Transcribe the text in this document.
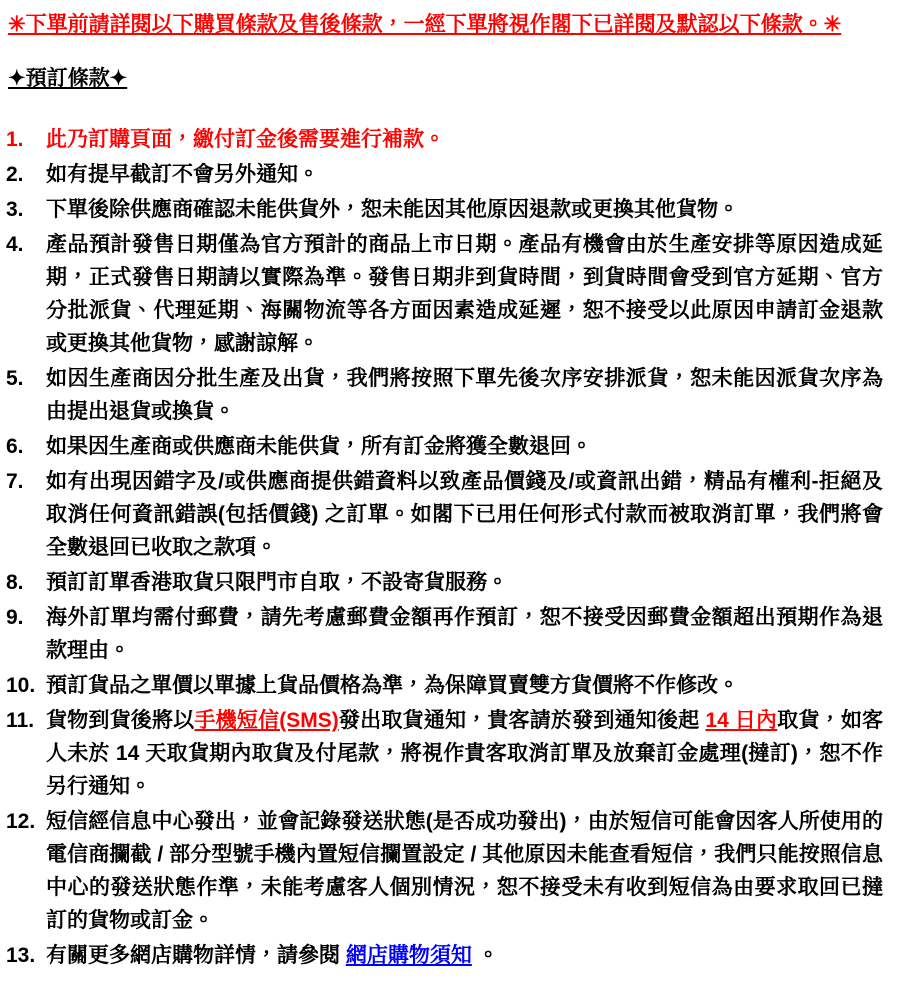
✳下單前請詳閱以下購買條款及售後條款，一經下單將視作閣下已詳閱及默認以下條款。✳

✦預訂條款✦

1.	此乃訂購頁面，繳付訂金後需要進行補款。
2.	如有提早截訂不會另外通知。
3.	下單後除供應商確認未能供貨外，恕未能因其他原因退款或更換其他貨物。
4.	產品預計發售日期僅為官方預計的商品上市日期。產品有機會由於生產安排等原因造成延期，正式發售日期請以實際為準。發售日期非到貨時間，到貨時間會受到官方延期、官方分批派貨、代理延期、海關物流等各方面因素造成延遲，恕不接受以此原因申請訂金退款或更換其他貨物，感謝諒解。
5.	如因生產商因分批生產及出貨，我們將按照下單先後次序安排派貨，恕未能因派貨次序為由提出退貨或換貨。
6.	如果因生產商或供應商未能供貨，所有訂金將獲全數退回。
7.	如有出現因錯字及/或供應商提供錯資料以致產品價錢及/或資訊出錯，精品有權利-拒絕及取消任何資訊錯誤(包括價錢) 之訂單。如閣下已用任何形式付款而被取消訂單，我們將會全數退回已收取之款項。
8.	預訂訂單香港取貨只限門市自取，不設寄貨服務。
9.	海外訂單均需付郵費，請先考慮郵費金額再作預訂，恕不接受因郵費金額超出預期作為退款理由。
10. 預訂貨品之單價以單據上貨品價格為準，為保障買賣雙方貨價將不作修改。
11. 貨物到貨後將以手機短信(SMS)發出取貨通知，貴客請於發到通知後起 14 日內取貨，如客人未於 14 天取貨期內取貨及付尾款，將視作貴客取消訂單及放棄訂金處理(撻訂)，恕不作另行通知。
12. 短信經信息中心發出，並會記錄發送狀態(是否成功發出)，由於短信可能會因客人所使用的電信商攔截 / 部分型號手機內置短信攔置設定 / 其他原因未能查看短信，我們只能按照信息中心的發送狀態作準，未能考慮客人個別情況，恕不接受未有收到短信為由要求取回已撻訂的貨物或訂金。
13. 有關更多網店購物詳情，請參閱 網店購物須知 。
